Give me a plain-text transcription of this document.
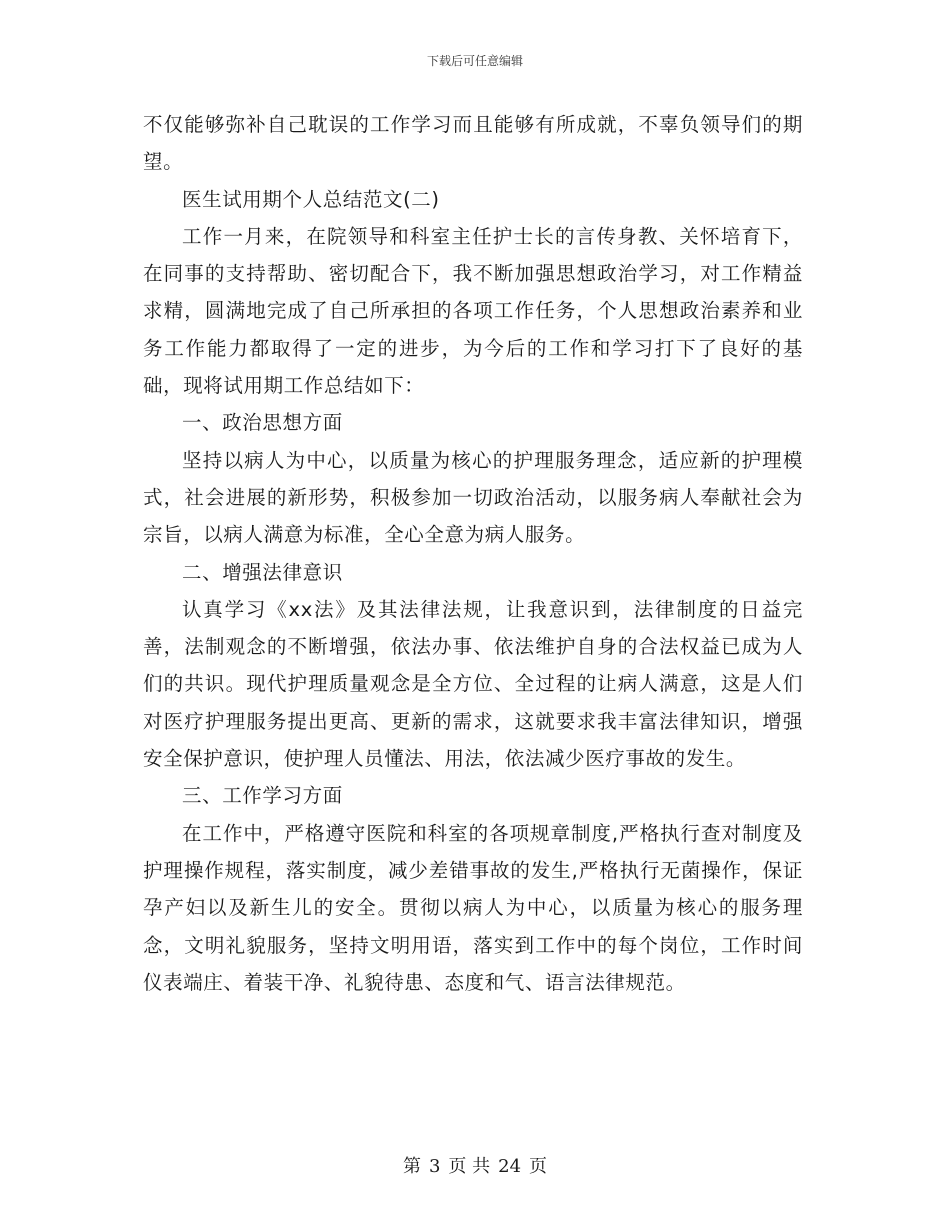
下载后可任意编辑

不仅能够弥补自己耽误的工作学习而且能够有所成就，不辜负领导们的期望。

医生试用期个人总结范文(二)

工作一月来，在院领导和科室主任护士长的言传身教、关怀培育下，在同事的支持帮助、密切配合下，我不断加强思想政治学习，对工作精益求精，圆满地完成了自己所承担的各项工作任务，个人思想政治素养和业务工作能力都取得了一定的进步，为今后的工作和学习打下了良好的基础，现将试用期工作总结如下：

一、政治思想方面

坚持以病人为中心，以质量为核心的护理服务理念，适应新的护理模式，社会进展的新形势，积极参加一切政治活动，以服务病人奉献社会为宗旨，以病人满意为标准，全心全意为病人服务。

二、增强法律意识

认真学习《xx法》及其法律法规，让我意识到，法律制度的日益完善，法制观念的不断增强，依法办事、依法维护自身的合法权益已成为人们的共识。现代护理质量观念是全方位、全过程的让病人满意，这是人们对医疗护理服务提出更高、更新的需求，这就要求我丰富法律知识，增强安全保护意识，使护理人员懂法、用法，依法减少医疗事故的发生。

三、工作学习方面

在工作中，严格遵守医院和科室的各项规章制度,严格执行查对制度及护理操作规程，落实制度，减少差错事故的发生,严格执行无菌操作，保证孕产妇以及新生儿的安全。贯彻以病人为中心，以质量为核心的服务理念，文明礼貌服务，坚持文明用语，落实到工作中的每个岗位，工作时间仪表端庄、着装干净、礼貌待患、态度和气、语言法律规范。

第 3 页 共 24 页
